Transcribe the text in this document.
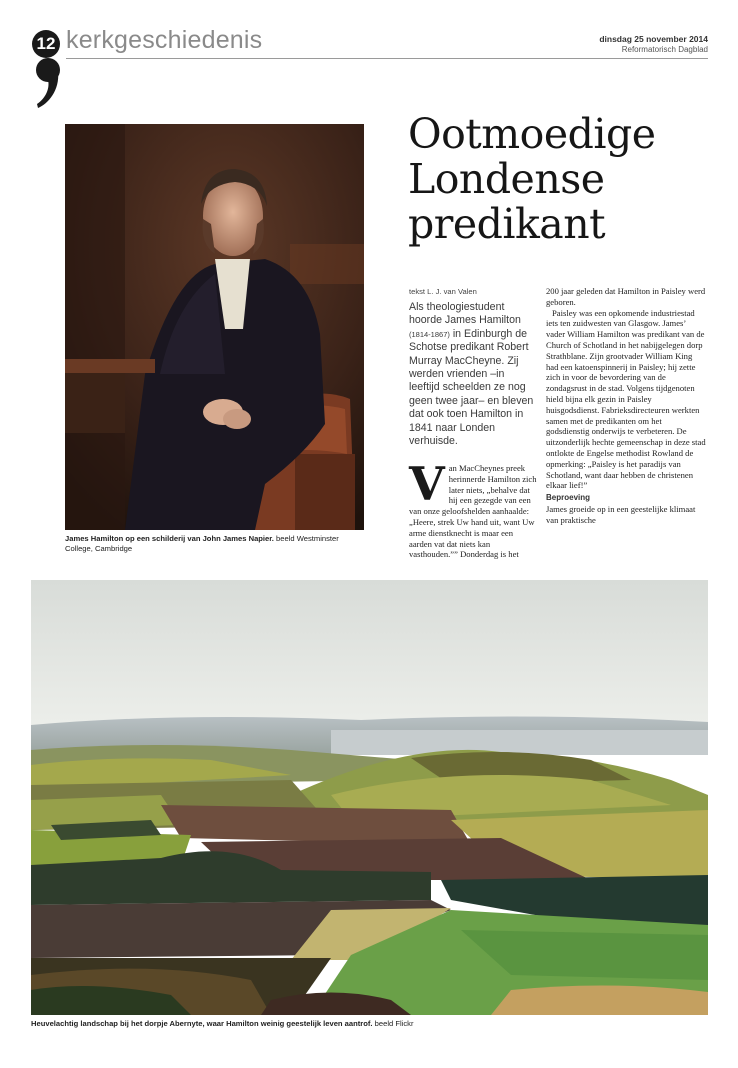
12 kerkgeschiedenis	dinsdag 25 november 2014
Reformatorisch Dagblad
James Hamilton op een schilderij van John James Napier. beeld Westminster College, Cambridge
Ootmoedige
Londense
predikant
tekst L. J. van Valen
Als theologiestudent hoorde James Hamilton (1814-1867) in Edinburgh de Schotse predikant Robert Murray MacCheyne. Zij werden vrienden –in leeftijd scheelden ze nog geen twee jaar– en bleven dat ook toen Hamilton in 1841 naar Londen verhuisde.
V an MacCheynes preek herinnerde Hamilton zich later niets, „behalve dat hij een gezegde van een van onze geloofshelden aanhaalde: „Heere, strek Uw hand uit, want Uw arme dienstknecht is maar een aarden vat dat niets kan vasthouden.”” Donderdag is het
200 jaar geleden dat Hamilton in Paisley werd geboren.
Paisley was een opkomende industriestad iets ten zuidwesten van Glasgow. James’ vader William Hamilton was predikant van de Church of Schotland in het nabijgelegen dorp Strathblane. Zijn grootvader William King had een katoenspinnerij in Paisley; hij zette zich in voor de bevordering van de zondagsrust in de stad. Volgens tijdgenoten hield bijna elk gezin in Paisley huisgodsdienst. Fabrieksdirecteuren werkten samen met de predikanten om het godsdienstig onderwijs te verbeteren. De uitzonderlijk hechte gemeenschap in deze stad ontlokte de Engelse methodist Rowland de opmerking: „Paisley is het paradijs van Schotland, want daar hebben de christenen elkaar lief!”
Beproeving
James groeide op in een geestelijke klimaat van praktische
Heuvelachtig landschap bij het dorpje Abernyte, waar Hamilton weinig geestelijk leven aantrof. beeld Flickr
